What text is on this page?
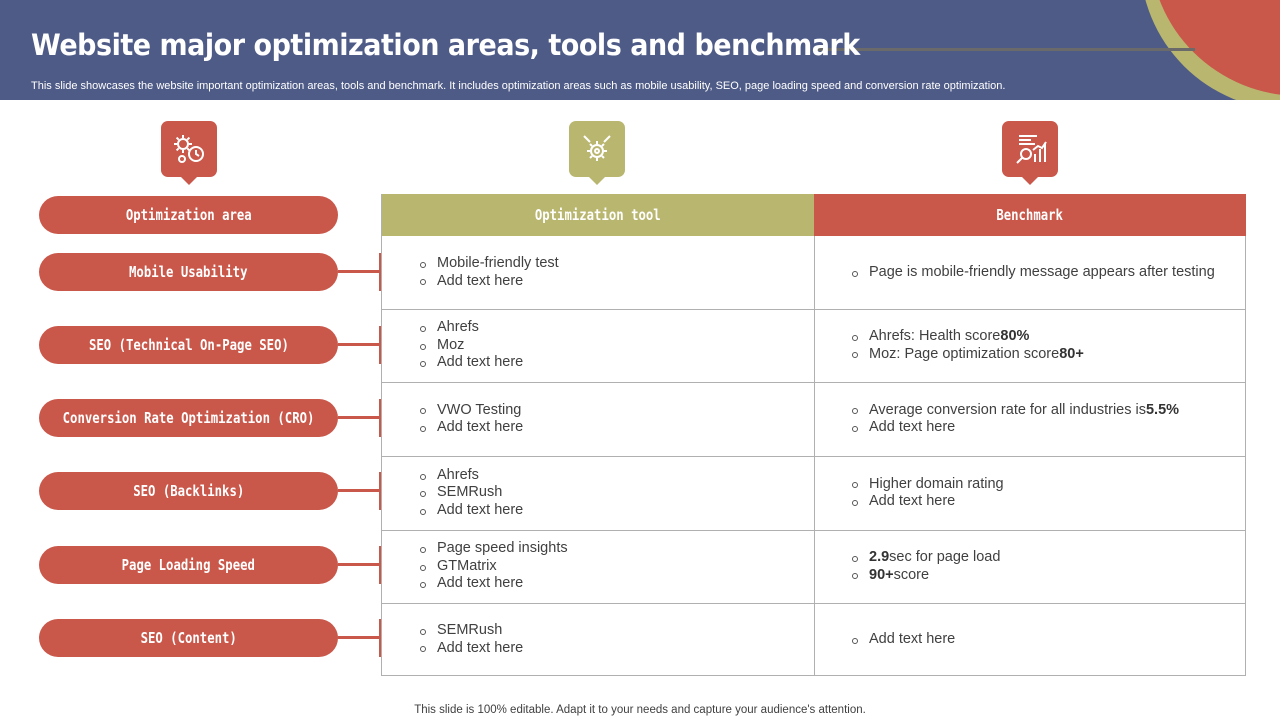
Website major optimization areas, tools and benchmark
This slide showcases the website important optimization areas, tools and benchmark. It includes optimization areas such as mobile usability, SEO, page loading speed and conversion rate optimization.
Optimization area
Mobile Usability
SEO (Technical On-Page SEO)
Conversion Rate Optimization (CRO)
SEO (Backlinks)
Page Loading Speed
SEO (Content)
Optimization tool	Benchmark
Mobile-friendly test
Add text here
Page is mobile-friendly message appears after testing
Ahrefs
Moz
Add text here
Ahrefs: Health score 80%
Moz: Page optimization score 80+
VWO Testing
Add text here
Average conversion rate for all industries is 5.5%
Add text here
Ahrefs
SEMRush
Add text here
Higher domain rating
Add text here
Page speed insights
GTMatrix
Add text here
2.9 sec for page load
90+ score
SEMRush
Add text here
Add text here
This slide is 100% editable. Adapt it to your needs and capture your audience's attention.
